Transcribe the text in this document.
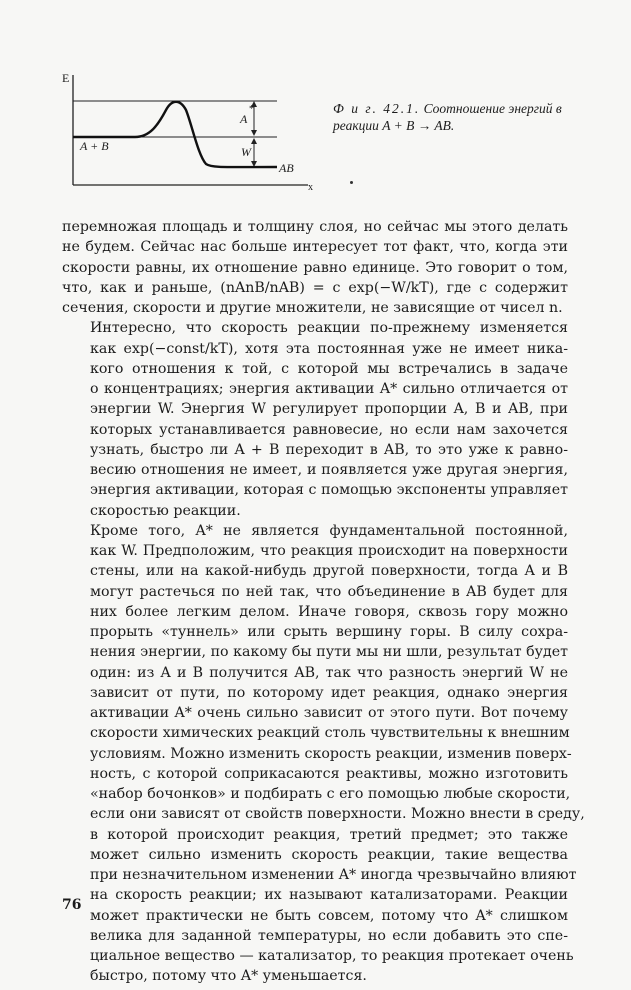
E
x
A
*
W
AB
A + B
Ф и г. 42.1. Соотношение энергий в реакции A + B → AB.

перемножая площадь и толщину слоя, но сейчас мы этого делать
не будем. Сейчас нас больше интересует тот факт, что, когда эти
скорости равны, их отношение равно единице. Это говорит о том,
что, как и раньше, (nAnB/nAB) = c exp(−W/kT), где c содержит
сечения, скорости и другие множители, не зависящие от чисел n.

Интересно, что скорость реакции по-прежнему изменяется
как exp(−const/kT), хотя эта постоянная уже не имеет ника-
кого отношения к той, с которой мы встречались в задаче
о концентрациях; энергия активации A* сильно отличается от
энергии W. Энергия W регулирует пропорции A, B и AB, при
которых устанавливается равновесие, но если нам захочется
узнать, быстро ли A + B переходит в AB, то это уже к равно-
весию отношения не имеет, и появляется уже другая энергия,
энергия активации, которая с помощью экспоненты управляет
скоростью реакции.

Кроме того, A* не является фундаментальной постоянной,
как W. Предположим, что реакция происходит на поверхности
стены, или на какой-нибудь другой поверхности, тогда A и B
могут растечься по ней так, что объединение в AB будет для
них более легким делом. Иначе говоря, сквозь гору можно
прорыть «туннель» или срыть вершину горы. В силу сохра-
нения энергии, по какому бы пути мы ни шли, результат будет
один: из A и B получится AB, так что разность энергий W не
зависит от пути, по которому идет реакция, однако энергия
активации A* очень сильно зависит от этого пути. Вот почему
скорости химических реакций столь чувствительны к внешним
условиям. Можно изменить скорость реакции, изменив поверх-
ность, с которой соприкасаются реактивы, можно изготовить
«набор бочонков» и подбирать с его помощью любые скорости,
если они зависят от свойств поверхности. Можно внести в среду,
в которой происходит реакция, третий предмет; это также
может сильно изменить скорость реакции, такие вещества
при незначительном изменении A* иногда чрезвычайно влияют
на скорость реакции; их называют катализаторами. Реакции
может практически не быть совсем, потому что A* слишком
велика для заданной температуры, но если добавить это спе-
циальное вещество — катализатор, то реакция протекает очень
быстро, потому что A* уменьшается.

76
